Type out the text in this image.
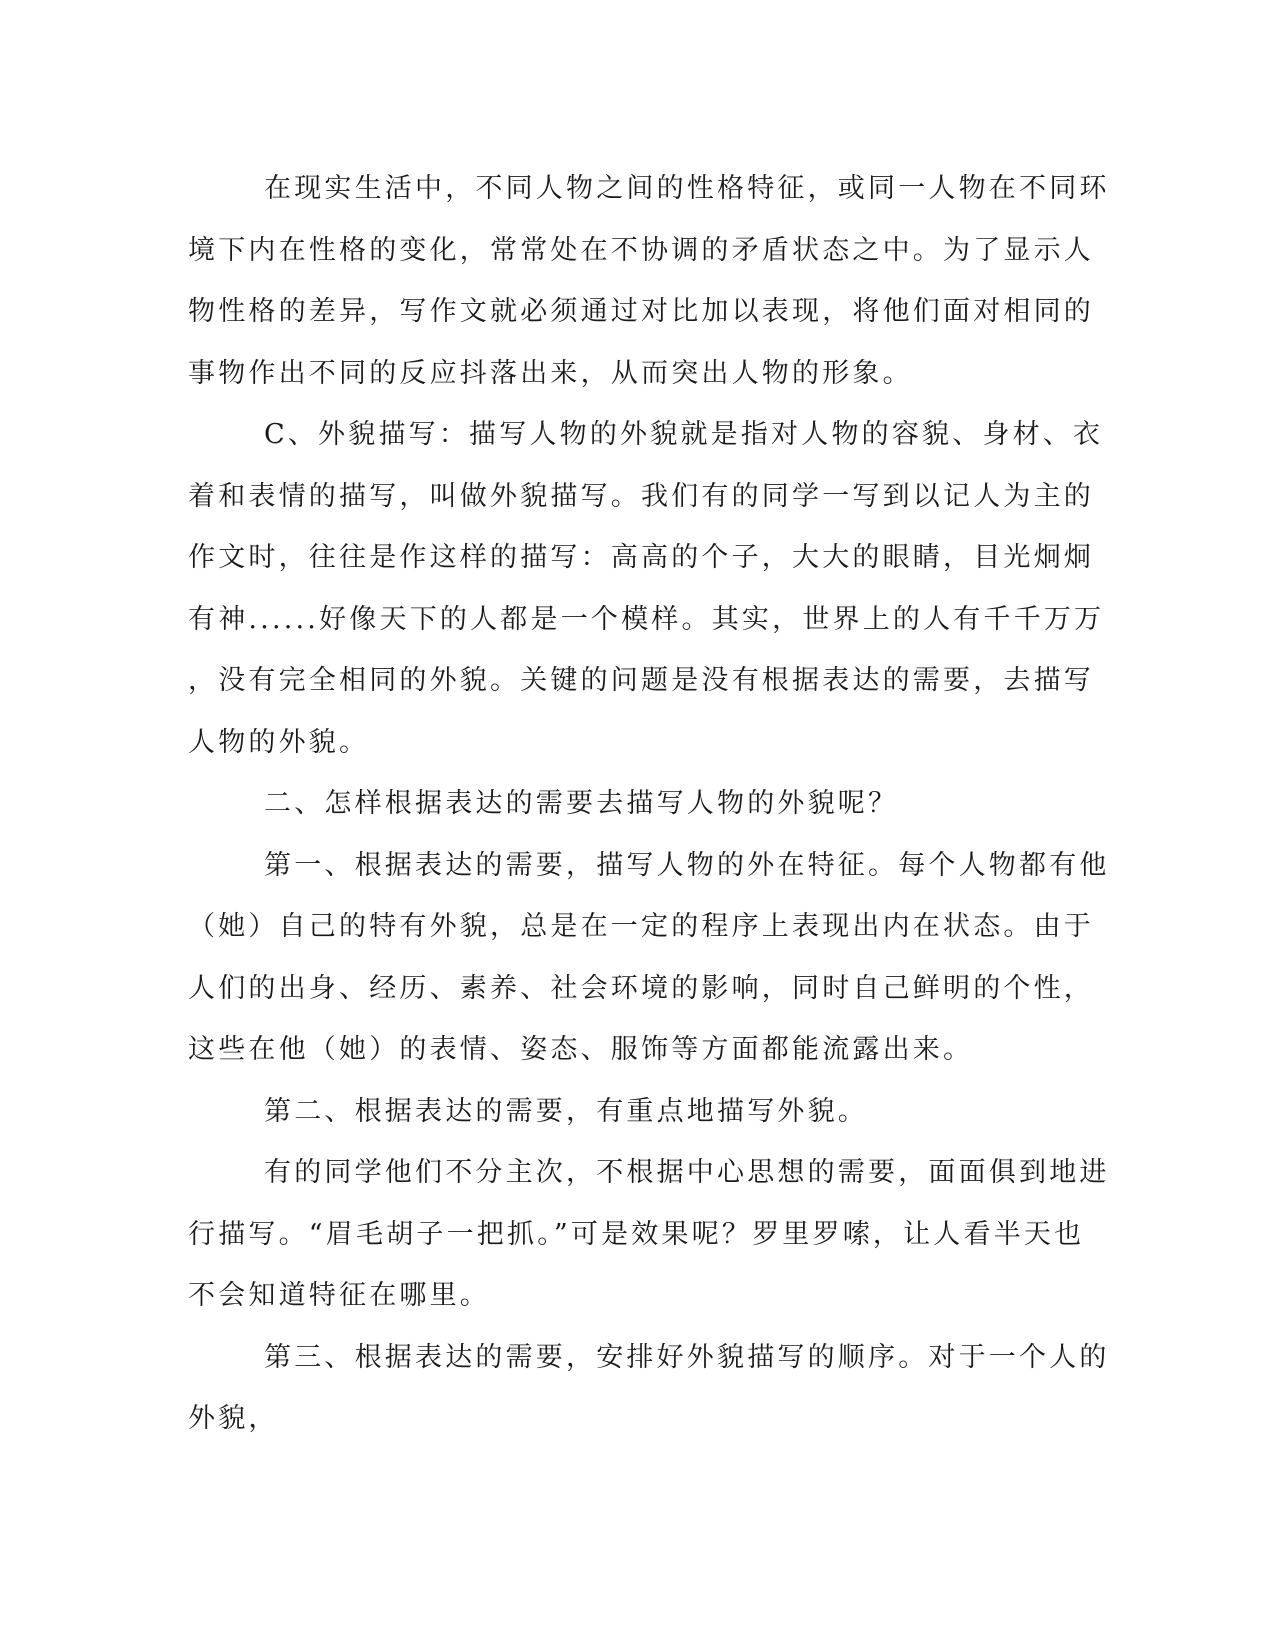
在现实生活中，不同人物之间的性格特征，或同一人物在不同环
境下内在性格的变化，常常处在不协调的矛盾状态之中。为了显示人
物性格的差异，写作文就必须通过对比加以表现，将他们面对相同的
事物作出不同的反应抖落出来，从而突出人物的形象。
C、外貌描写：描写人物的外貌就是指对人物的容貌、身材、衣
着和表情的描写，叫做外貌描写。我们有的同学一写到以记人为主的
作文时，往往是作这样的描写：高高的个子，大大的眼睛，目光炯炯
有神......好像天下的人都是一个模样。其实，世界上的人有千千万万
，没有完全相同的外貌。关键的问题是没有根据表达的需要，去描写
人物的外貌。
二、怎样根据表达的需要去描写人物的外貌呢？
第一、根据表达的需要，描写人物的外在特征。每个人物都有他
（她）自己的特有外貌，总是在一定的程序上表现出内在状态。由于
人们的出身、经历、素养、社会环境的影响，同时自己鲜明的个性，
这些在他（她）的表情、姿态、服饰等方面都能流露出来。
第二、根据表达的需要，有重点地描写外貌。
有的同学他们不分主次，不根据中心思想的需要，面面俱到地进
行描写。“眉毛胡子一把抓。”可是效果呢？罗里罗嗦，让人看半天也
不会知道特征在哪里。
第三、根据表达的需要，安排好外貌描写的顺序。对于一个人的
外貌，
